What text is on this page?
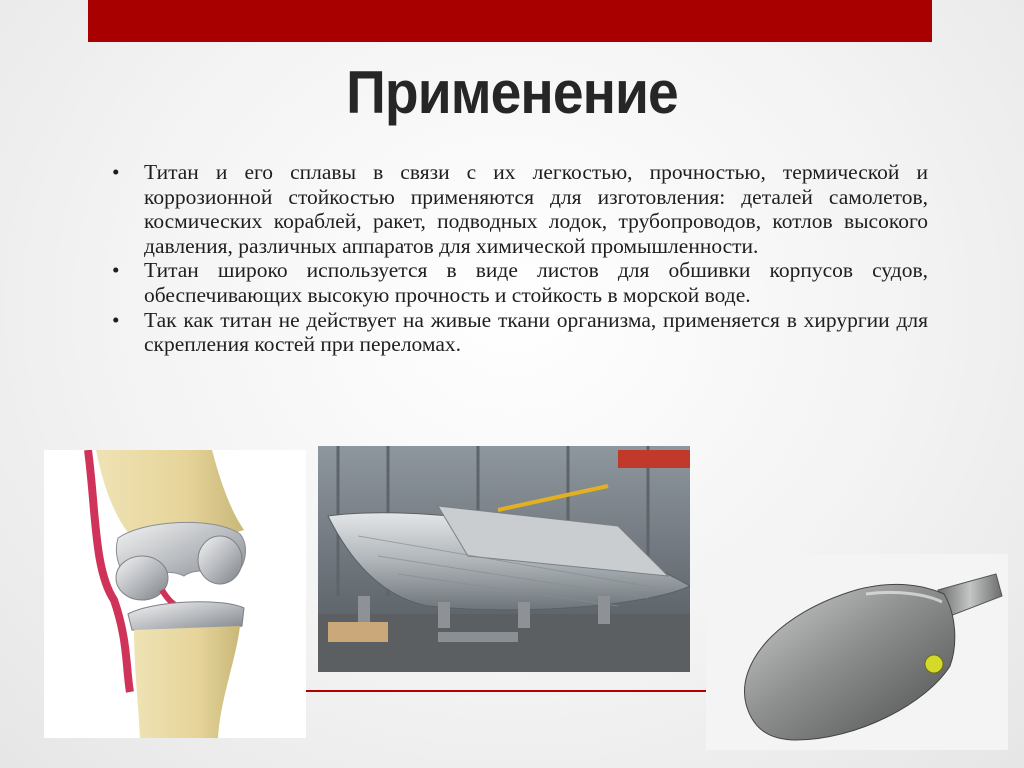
Применение
• Титан и его сплавы в связи с их легкостью, прочностью, термической и коррозионной стойкостью применяются для изготовления: деталей самолетов, космических кораблей, ракет, подводных лодок, трубопроводов, котлов высокого давления, различных аппаратов для химической промышленности.
• Титан широко используется в виде листов для обшивки корпусов судов, обеспечивающих высокую прочность и стойкость в морской воде.
• Так как титан не действует на живые ткани организма, применяется в хирургии для скрепления костей при переломах.
